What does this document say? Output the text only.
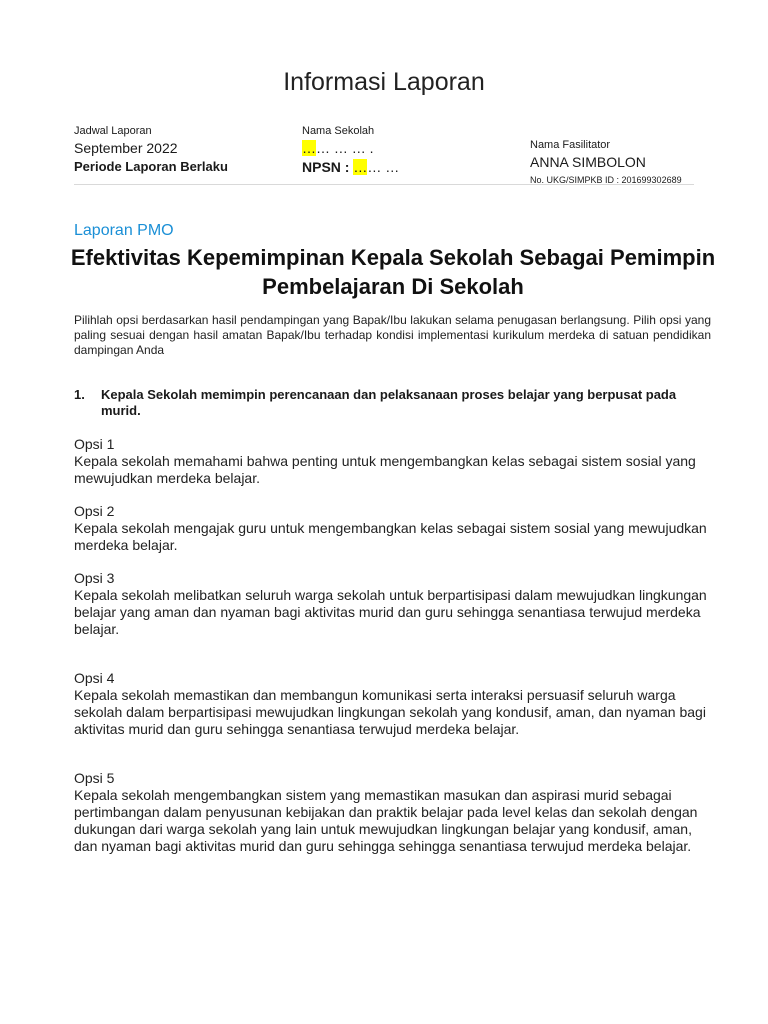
Informasi Laporan
Jadwal Laporan
September 2022
Periode Laporan Berlaku
Nama Sekolah
…… … … .
NPSN : …… …
Nama Fasilitator
ANNA SIMBOLON
No. UKG/SIMPKB ID : 201699302689
Laporan PMO
Efektivitas Kepemimpinan Kepala Sekolah Sebagai Pemimpin Pembelajaran Di Sekolah
Pilihlah opsi berdasarkan hasil pendampingan yang Bapak/Ibu lakukan selama penugasan berlangsung. Pilih opsi yang paling sesuai dengan hasil amatan Bapak/Ibu terhadap kondisi implementasi kurikulum merdeka di satuan pendidikan dampingan Anda
1.	Kepala Sekolah memimpin perencanaan dan pelaksanaan proses belajar yang berpusat pada murid.
Opsi 1
Kepala sekolah memahami bahwa penting untuk mengembangkan kelas sebagai sistem sosial yang mewujudkan merdeka belajar.
Opsi 2
Kepala sekolah mengajak guru untuk mengembangkan kelas sebagai sistem sosial yang mewujudkan merdeka belajar.
Opsi 3
Kepala sekolah melibatkan seluruh warga sekolah untuk berpartisipasi dalam mewujudkan lingkungan belajar yang aman dan nyaman bagi aktivitas murid dan guru sehingga senantiasa terwujud merdeka belajar.
Opsi 4
Kepala sekolah memastikan dan membangun komunikasi serta interaksi persuasif seluruh warga sekolah dalam berpartisipasi mewujudkan lingkungan sekolah yang kondusif, aman, dan nyaman bagi aktivitas murid dan guru sehingga senantiasa terwujud merdeka belajar.
Opsi 5
Kepala sekolah mengembangkan sistem yang memastikan masukan dan aspirasi murid sebagai pertimbangan dalam penyusunan kebijakan dan praktik belajar pada level kelas dan sekolah dengan dukungan dari warga sekolah yang lain untuk mewujudkan lingkungan belajar yang kondusif, aman, dan nyaman bagi aktivitas murid dan guru sehingga sehingga senantiasa terwujud merdeka belajar.
